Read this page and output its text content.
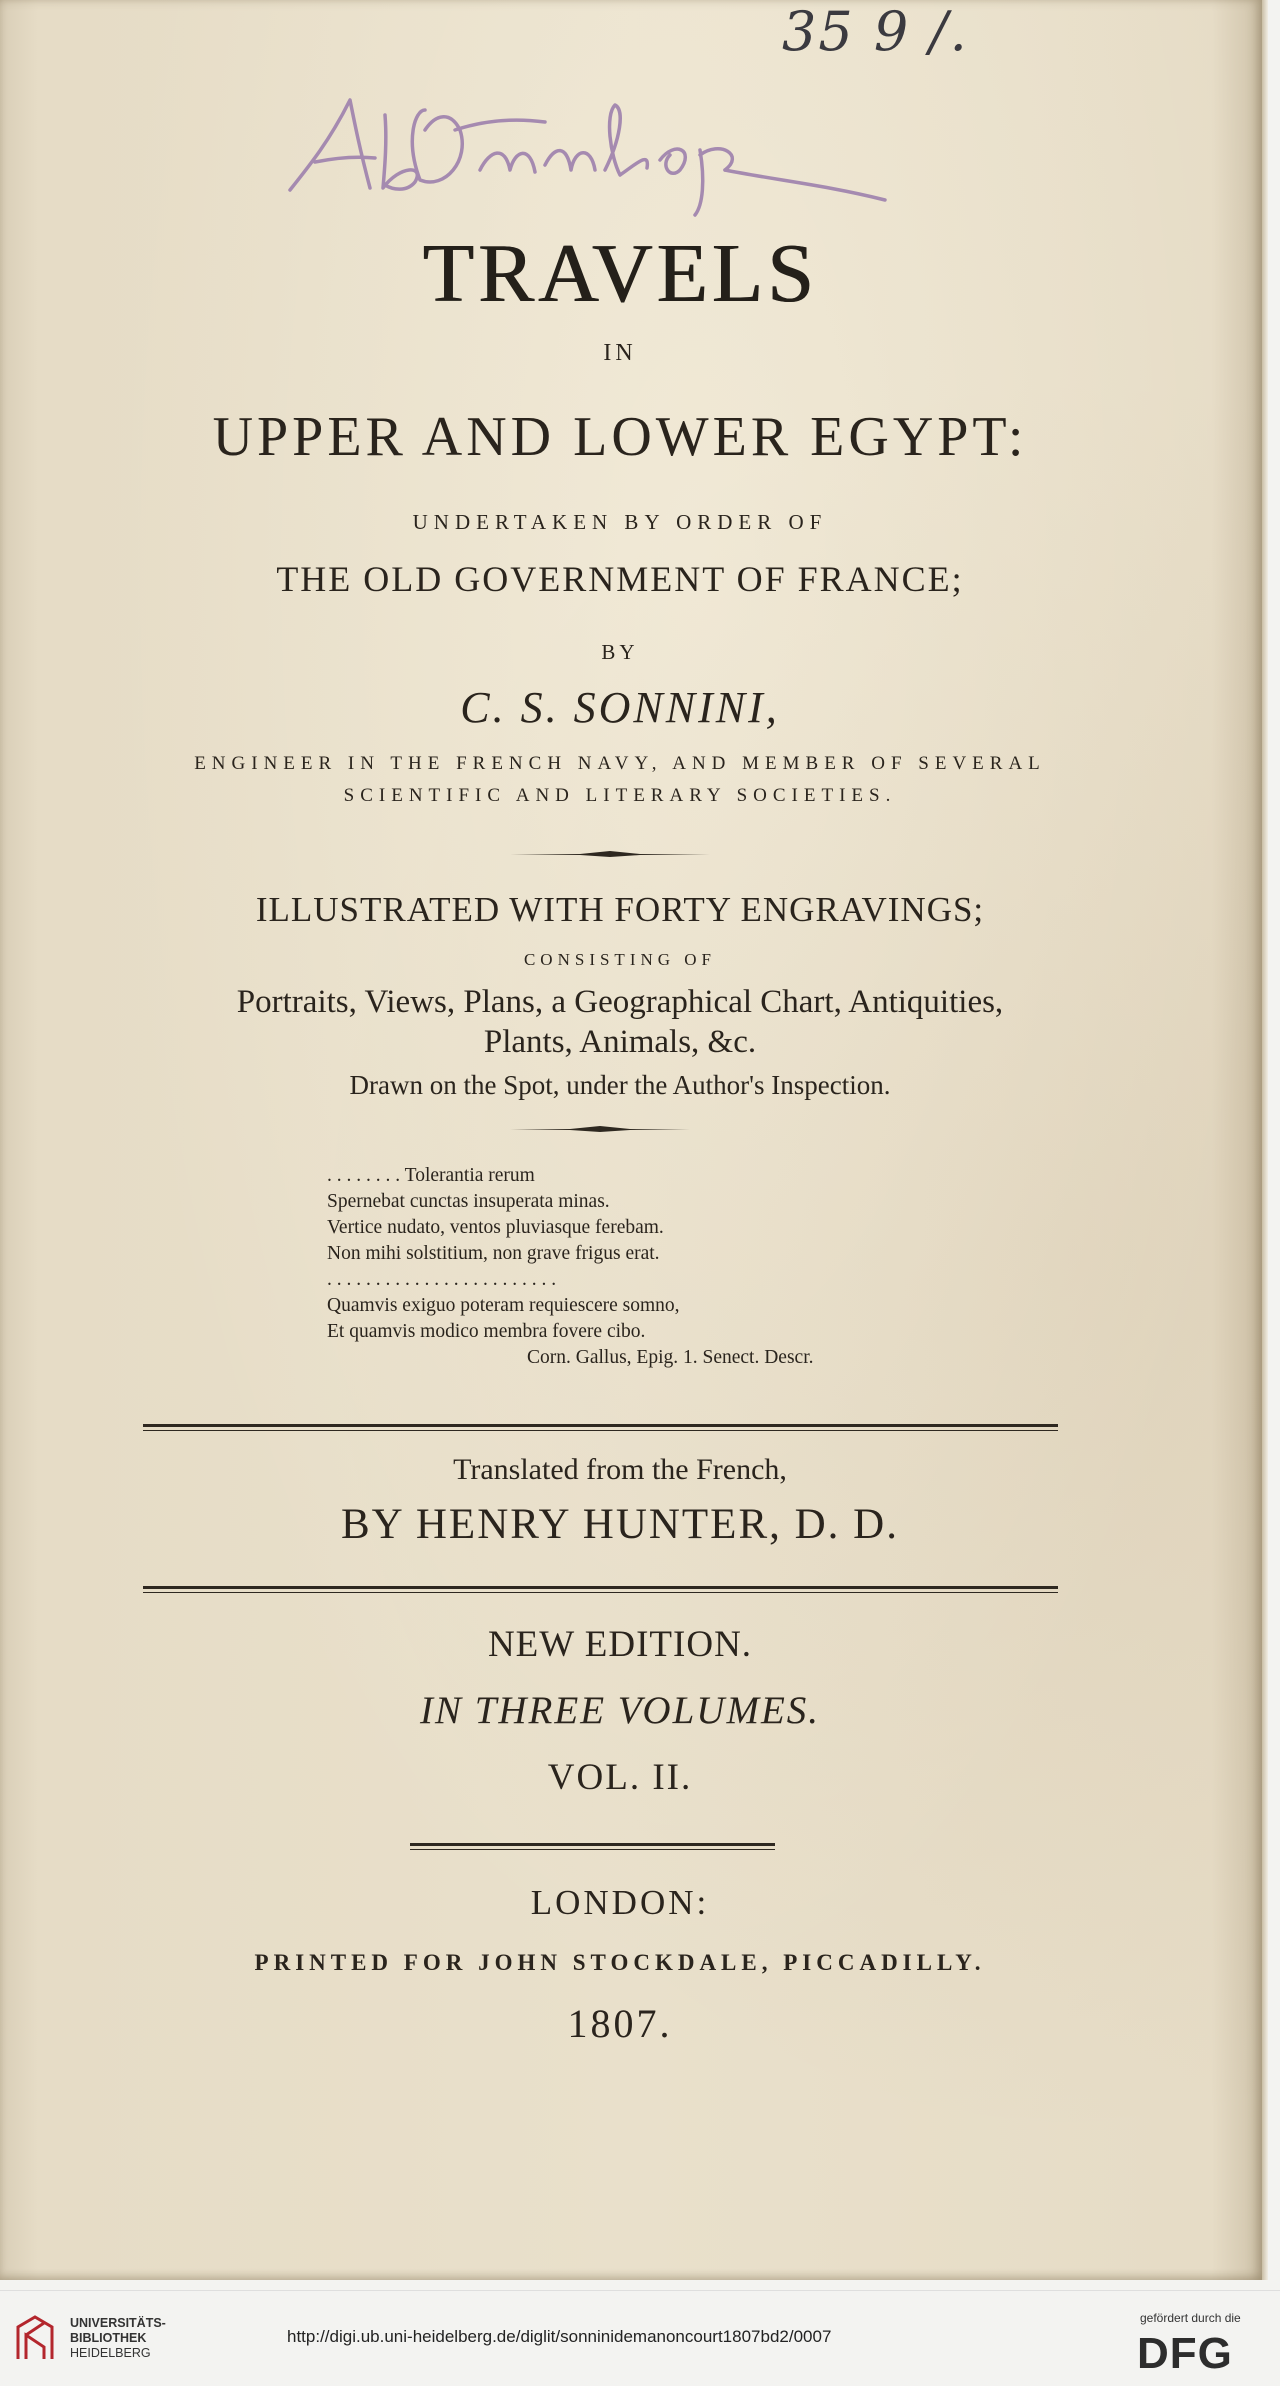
35 9 /.
TRAVELS
IN
UPPER AND LOWER EGYPT:
UNDERTAKEN BY ORDER OF
THE OLD GOVERNMENT OF FRANCE;
BY
C. S. SONNINI,
ENGINEER IN THE FRENCH NAVY, AND MEMBER OF SEVERAL
SCIENTIFIC AND LITERARY SOCIETIES.
ILLUSTRATED WITH FORTY ENGRAVINGS;
CONSISTING OF
Portraits, Views, Plans, a Geographical Chart, Antiquities,
Plants, Animals, &c.
Drawn on the Spot, under the Author's Inspection.
. . . . . . . . Tolerantia rerum
Spernebat cunctas insuperata minas.
Vertice nudato, ventos pluviasque ferebam.
Non mihi solstitium, non grave frigus erat.
. . . . . . . . . . . . . . . . . . . . . . . .
Quamvis exiguo poteram requiescere somno,
Et quamvis modico membra fovere cibo.
Corn. Gallus, Epig. 1. Senect. Descr.
Translated from the French,
BY HENRY HUNTER, D. D.
NEW EDITION.
IN THREE VOLUMES.
VOL. II.
LONDON:
PRINTED FOR JOHN STOCKDALE, PICCADILLY.
1807.
UNIVERSITÄTS-
BIBLIOTHEK
HEIDELBERG
http://digi.ub.uni-heidelberg.de/diglit/sonninidemanoncourt1807bd2/0007
gefördert durch die
DFG
